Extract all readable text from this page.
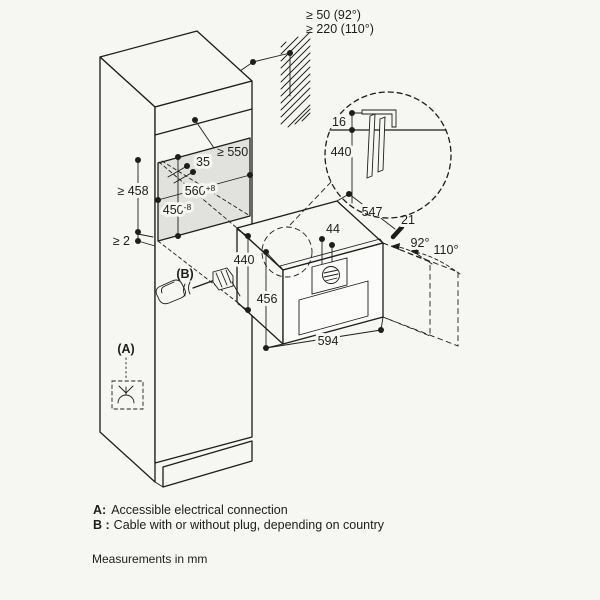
≥ 50 (92°)
≥ 220 (110°)
≥ 550
35
$560^{+8}$
$450^{-8}$
≥ 458
≥ 2
44
440
456
594
547
21
92° 110°
16
440
(B)
(A)
A: Accessible electrical connection
B : Cable with or without plug, depending on country
Measurements in mm
